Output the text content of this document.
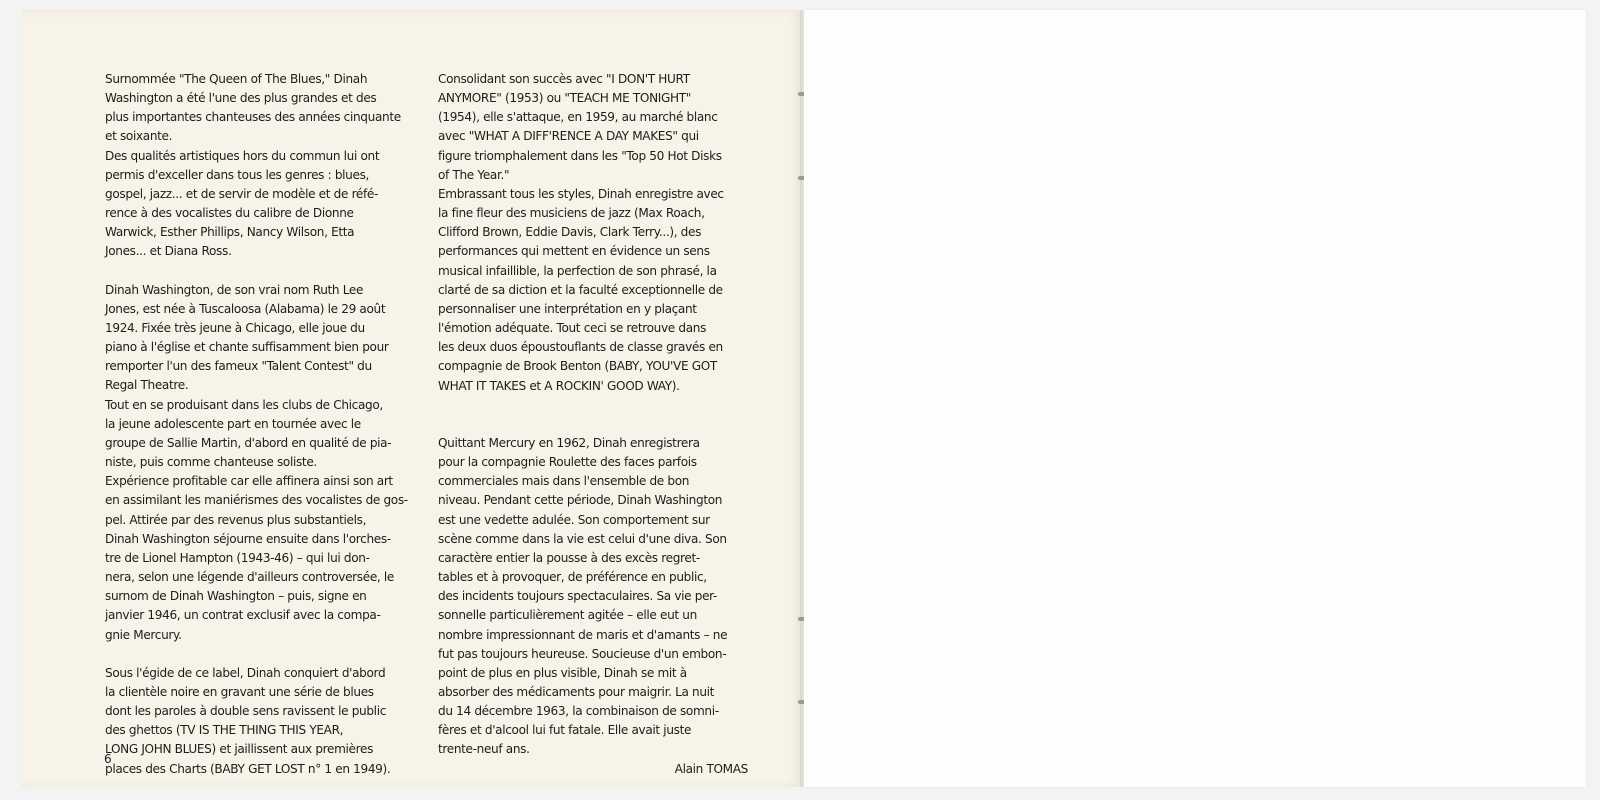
Surnommée "The Queen of The Blues," Dinah
Washington a été l'une des plus grandes et des
plus importantes chanteuses des années cinquante
et soixante.

Des qualités artistiques hors du commun lui ont
permis d'exceller dans tous les genres : blues,
gospel, jazz... et de servir de modèle et de réfé-
rence à des vocalistes du calibre de Dionne
Warwick, Esther Phillips, Nancy Wilson, Etta
Jones... et Diana Ross.

Dinah Washington, de son vrai nom Ruth Lee
Jones, est née à Tuscaloosa (Alabama) le 29 août
1924. Fixée très jeune à Chicago, elle joue du
piano à l'église et chante suffisamment bien pour
remporter l'un des fameux "Talent Contest" du
Regal Theatre.

Tout en se produisant dans les clubs de Chicago,
la jeune adolescente part en tournée avec le
groupe de Sallie Martin, d'abord en qualité de pia-
niste, puis comme chanteuse soliste.

Expérience profitable car elle affinera ainsi son art
en assimilant les maniérismes des vocalistes de gos-
pel. Attirée par des revenus plus substantiels,
Dinah Washington séjourne ensuite dans l'orches-
tre de Lionel Hampton (1943-46) – qui lui don-
nera, selon une légende d'ailleurs controversée, le
surnom de Dinah Washington – puis, signe en
janvier 1946, un contrat exclusif avec la compa-
gnie Mercury.

Sous l'égide de ce label, Dinah conquiert d'abord
la clientèle noire en gravant une série de blues
dont les paroles à double sens ravissent le public
des ghettos (TV IS THE THING THIS YEAR,
LONG JOHN BLUES) et jaillissent aux premières
places des Charts (BABY GET LOST n° 1 en 1949).

Consolidant son succès avec "I DON'T HURT
ANYMORE" (1953) ou "TEACH ME TONIGHT"
(1954), elle s'attaque, en 1959, au marché blanc
avec "WHAT A DIFF'RENCE A DAY MAKES" qui
figure triomphalement dans les "Top 50 Hot Disks
of The Year."

Embrassant tous les styles, Dinah enregistre avec
la fine fleur des musiciens de jazz (Max Roach,
Clifford Brown, Eddie Davis, Clark Terry...), des
performances qui mettent en évidence un sens
musical infaillible, la perfection de son phrasé, la
clarté de sa diction et la faculté exceptionnelle de
personnaliser une interprétation en y plaçant
l'émotion adéquate. Tout ceci se retrouve dans
les deux duos époustouflants de classe gravés en
compagnie de Brook Benton (BABY, YOU'VE GOT
WHAT IT TAKES et A ROCKIN' GOOD WAY).

Quittant Mercury en 1962, Dinah enregistrera
pour la compagnie Roulette des faces parfois
commerciales mais dans l'ensemble de bon
niveau. Pendant cette période, Dinah Washington
est une vedette adulée. Son comportement sur
scène comme dans la vie est celui d'une diva. Son
caractère entier la pousse à des excès regret-
tables et à provoquer, de préférence en public,
des incidents toujours spectaculaires. Sa vie per-
sonnelle particulièrement agitée – elle eut un
nombre impressionnant de maris et d'amants – ne
fut pas toujours heureuse. Soucieuse d'un embon-
point de plus en plus visible, Dinah se mit à
absorber des médicaments pour maigrir. La nuit
du 14 décembre 1963, la combinaison de somni-
fères et d'alcool lui fut fatale. Elle avait juste
trente-neuf ans.

Alain TOMAS

6
